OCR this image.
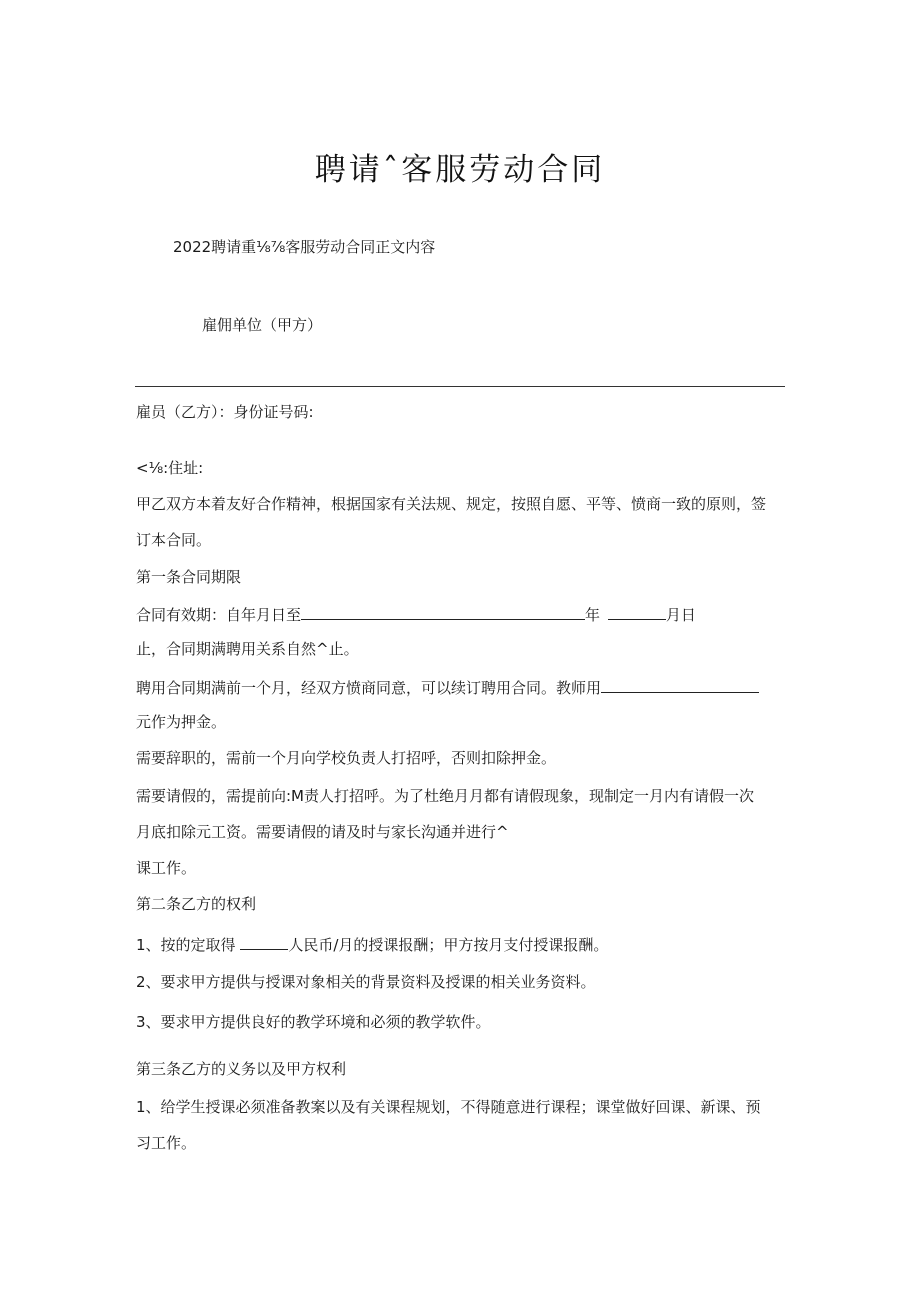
聘请ˆ客服劳动合同
2022聘请重⅛⅞客服劳动合同正文内容
雇佣单位（甲方）
雇员（乙方）：身份证号码:
<⅛:住址:
甲乙双方本着友好合作精神，根据国家有关法规、规定，按照自愿、平等、愤商一致的原则，签
订本合同。
第一条合同期限
合同有效期：自年月日至	年	月日
止，合同期满聘用关系自然^止。
聘用合同期满前一个月，经双方愤商同意，可以续订聘用合同。教师用
元作为押金。
需要辞职的，需前一个月向学校负责人打招呼，否则扣除押金。
需要请假的，需提前向:M责人打招呼。为了杜绝月月都有请假现象，现制定一月内有请假一次
月底扣除元工资。需要请假的请及时与家长沟通并进行^
课工作。
第二条乙方的权利
1、按的定取得	人民币/月的授课报酬；甲方按月支付授课报酬。
2、要求甲方提供与授课对象相关的背景资料及授课的相关业务资料。
3、要求甲方提供良好的教学环境和必须的教学软件。
第三条乙方的义务以及甲方权利
1、给学生授课必须准备教案以及有关课程规划，不得随意进行课程；课堂做好回课、新课、预
习工作。
